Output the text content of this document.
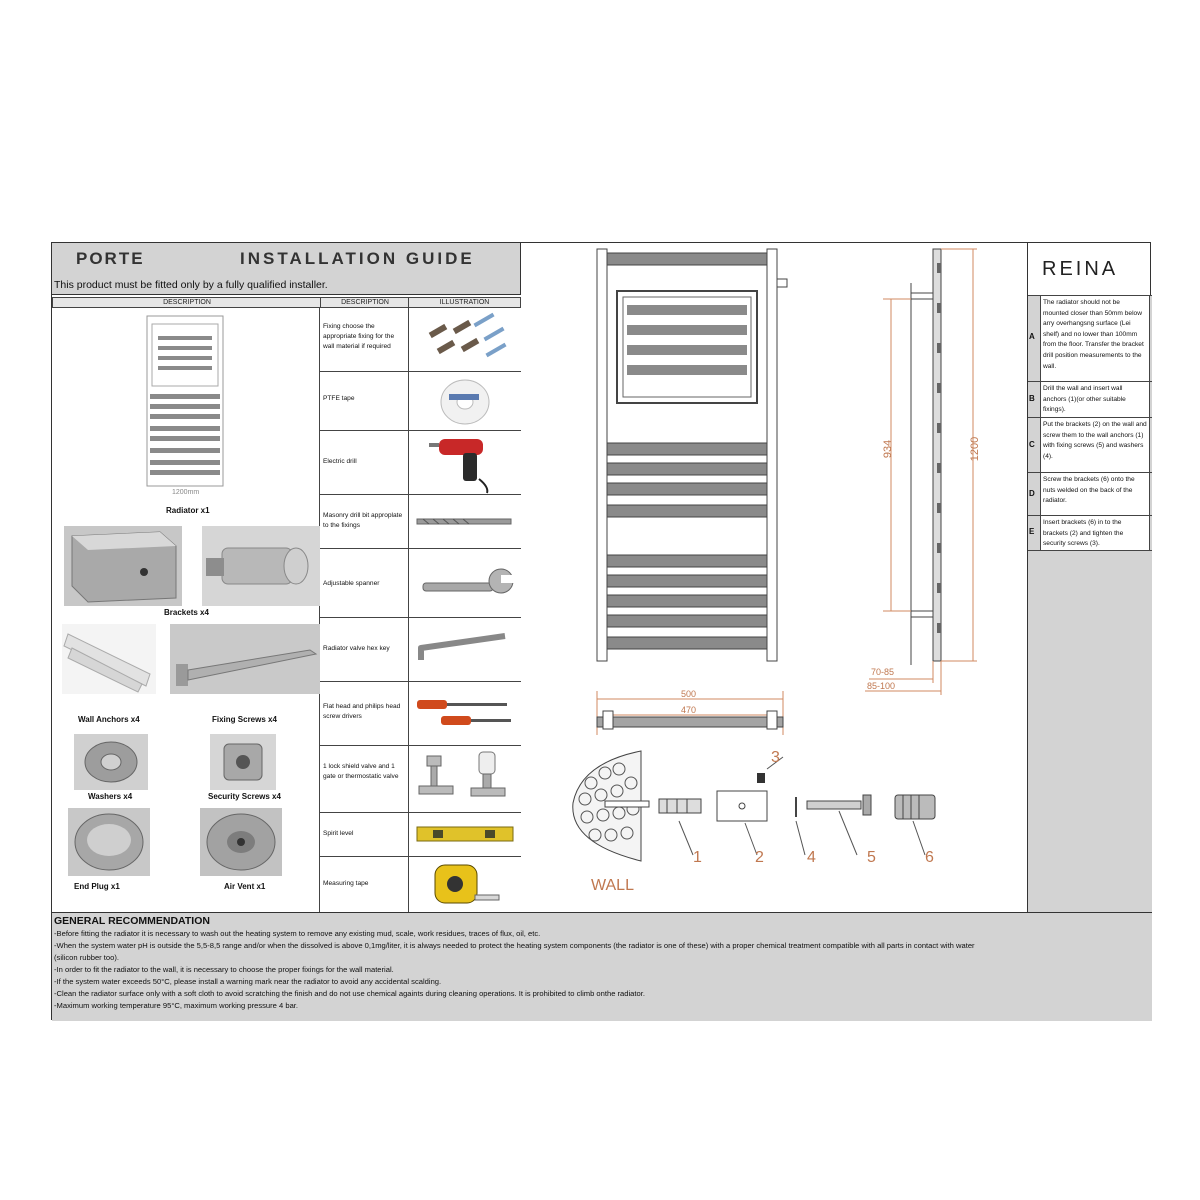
PORTE	INSTALLATION GUIDE
This product must be fitted only by a fully qualified installer.
DESCRIPTION	DESCRIPTION	ILLUSTRATION
1200mm
Radiator x1
Brackets x4
Wall Anchors x4	Fixing Screws x4
Washers x4	Security Screws x4
End Plug x1	Air Vent x1
Fixing choose the appropriate fixing for the wall material if required
PTFE tape
Electric drill
Masonry drill bit approplate to the fixings
Adjustable spanner
Radiator valve hex key
Flat head and philips head screw drivers
1 lock shield valve and 1 gate or thermostatic valve
Spirit level
Measuring tape
934	1200
70-85
85-100
500
470
3
1	2	4	5	6
WALL
REINA
A
The radiator should not be mounted closer than 50mm below arry overhangsng surface (Lei shelf) and no lower than 100mm from the floor. Transfer the bracket drill position measurements to the wall.
B
Drill the wall and insert wall anchors (1)(or other suitable fixings).
C
Put the brackets (2) on the wall and screw them to the wall anchors (1) with fixing screws (5) and washers (4).
D
Screw the brackets (6) onto the nuts welded on the back of the radiator.
E
Insert brackets (6) in to the brackets (2) and tighten the security screws (3).
GENERAL RECOMMENDATION
-Before fitting the radiator it is necessary to wash out the heating system to remove any existing mud, scale, work residues, traces of flux, oil, etc.
-When the system water pH is outside the 5,5-8,5 range and/or when the dissolved is above 0,1mg/liter, it is always needed to protect the heating system components (the radiator is one of these) with a proper chemical treatment compatible with all parts in contact with water
(silicon rubber too).
-In order to fit the radiator to the wall, it is necessary to choose the proper fixings for the wall material.
-If the system water exceeds 50°C, please install a warning mark near the radiator to avoid any accidental scalding.
-Clean the radiator surface only with a soft cloth to avoid scratching the finish and do not use chemical againts during cleaning operations. It is prohibited to climb onthe radiator.
-Maximum working temperature 95°C, maximum working pressure 4 bar.
